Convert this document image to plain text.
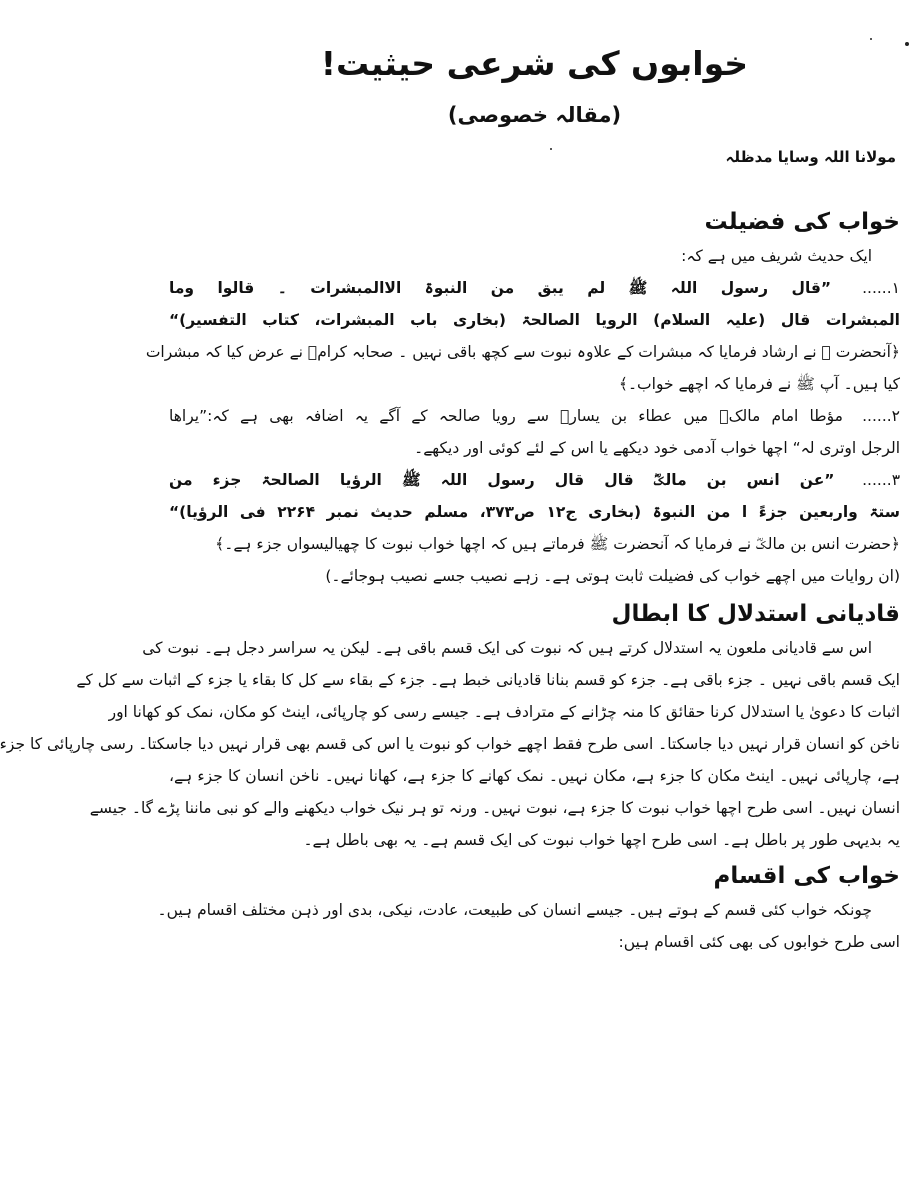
خوابوں کی شرعی حیثیت!
(مقالہ خصوصی)
مولانا اللہ وسایا مدظلہ
خواب کی فضیلت

ایک حدیث شریف میں ہے کہ:

۱...... ”قال رسول اللہ ﷺ لم یبق من النبوۃ الاالمبشرات ۔ قالوا وما

المبشرات قال (علیہ السلام) الرویا الصالحۃ (بخاری باب المبشرات، کتاب التفسیر)“

﴿آنحضرت ﷺ نے ارشاد فرمایا کہ مبشرات کے علاوہ نبوت سے کچھ باقی نہیں ۔ صحابہ کرامؓ نے عرض کیا کہ مبشرات

کیا ہیں۔ آپ ﷺ نے فرمایا کہ اچھے خواب۔﴾

۲...... مؤطا امام مالکؒ میں عطاء بن یسارؒ سے رویا صالحہ کے آگے یہ اضافہ بھی ہے کہ:”یراھا

الرجل اوتری لہ“ اچھا خواب آدمی خود دیکھے یا اس کے لئے کوئی اور دیکھے۔

۳...... ”عن انس بن مالکؓ قال قال رسول اللہ ﷺ الرؤیا الصالحۃ جزء من

ستۃ واربعین جزءً ا من النبوۃ (بخاری ج۱۲ ص۳۷۳، مسلم حدیث نمبر ۲۲۶۴ فی الرؤیا)“

﴿حضرت انس بن مالکؓ نے فرمایا کہ آنحضرت ﷺ فرماتے ہیں کہ اچھا خواب نبوت کا چھیالیسواں جزء ہے۔﴾

(ان روایات میں اچھے خواب کی فضیلت ثابت ہوتی ہے۔ زہے نصیب جسے نصیب ہوجائے۔)

قادیانی استدلال کا ابطال

اس سے قادیانی ملعون یہ استدلال کرتے ہیں کہ نبوت کی ایک قسم باقی ہے۔ لیکن یہ سراسر دجل ہے۔ نبوت کی

ایک قسم باقی نہیں ۔ جزء باقی ہے۔ جزء کو قسم بنانا قادیانی خبط ہے۔ جزء کے بقاء سے کل کا بقاء یا جزء کے اثبات سے کل کے

اثبات کا دعویٰ یا استدلال کرنا حقائق کا منہ چڑانے کے مترادف ہے۔ جیسے رسی کو چارپائی، اینٹ کو مکان، نمک کو کھانا اور

ناخن کو انسان قرار نہیں دیا جاسکتا۔ اسی طرح فقط اچھے خواب کو نبوت یا اس کی قسم بھی قرار نہیں دیا جاسکتا۔ رسی چارپائی کا جزء

ہے، چارپائی نہیں۔ اینٹ مکان کا جزء ہے، مکان نہیں۔ نمک کھانے کا جزء ہے، کھانا نہیں۔ ناخن انسان کا جزء ہے،

انسان نہیں۔ اسی طرح اچھا خواب نبوت کا جزء ہے، نبوت نہیں۔ ورنہ تو ہر نیک خواب دیکھنے والے کو نبی ماننا پڑے گا۔ جیسے

یہ بدیہی طور پر باطل ہے۔ اسی طرح اچھا خواب نبوت کی ایک قسم ہے۔ یہ بھی باطل ہے۔

خواب کی اقسام

چونکہ خواب کئی قسم کے ہوتے ہیں۔ جیسے انسان کی طبیعت، عادت، نیکی، بدی اور ذہن مختلف اقسام ہیں۔

اسی طرح خوابوں کی بھی کئی اقسام ہیں:
